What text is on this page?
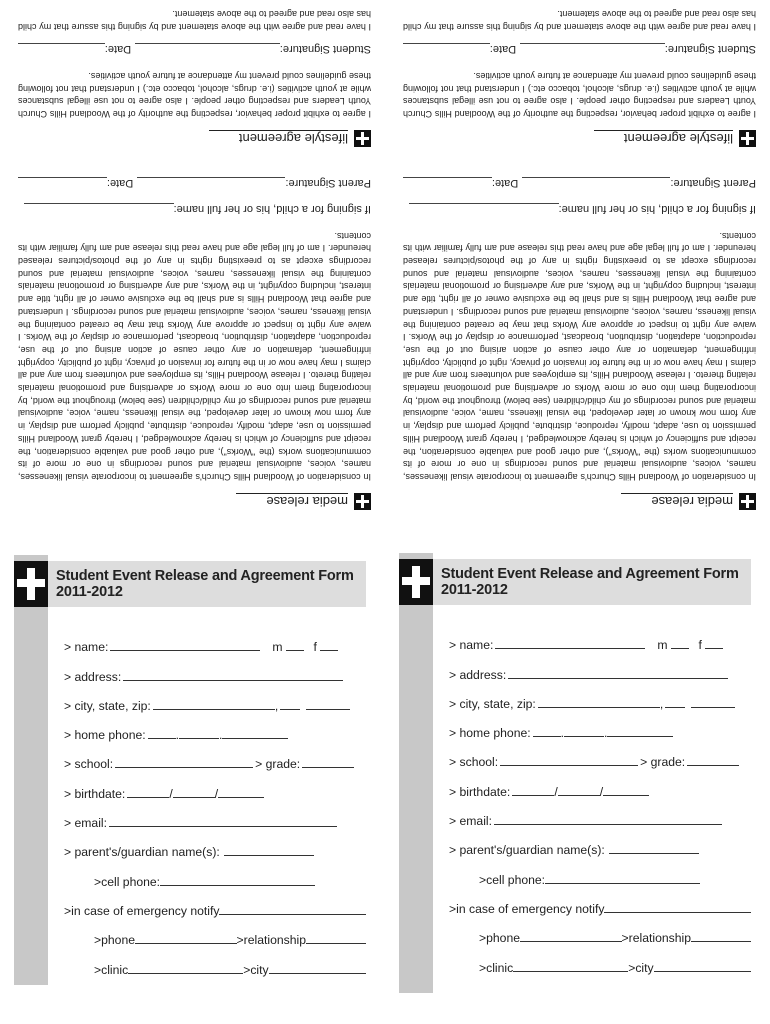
media release
In consideration of Woodland Hills Church's agreement to incorporate visual likenesses, names, voices, audiovisual material and sound recordings in one or more of its communications works (the "Works"), and other good and valuable consideration, the receipt and sufficiency of which is hereby acknowledged, I hereby grant Woodland Hills permission to use, adapt, modify, reproduce, distribute, publicly perform and display, in any form now known or later developed, the visual likeness, name, voice, audiovisual material and sound recordings of my child/children (see below) throughout the world, by incorporating them into one or more Works or advertising and promotional materials relating thereto. I release Woodland Hills, its employees and volunteers from any and all claims I may have now or in the future for invasion of privacy, right of publicity, copyright infringement, defamation or any other cause of action arising out of the use, reproduction, adaptation, distribution, broadcast, performance or display of the Works. I waive any right to inspect or approve any Works that may be created containing the visual likeness, names, voices, audiovisual material and sound recordings. I understand and agree that Woodland Hills is and shall be the exclusive owner of all right, title and interest, including copyright, in the Works, and any advertising or promotional materials containing the visual likenesses, names, voices, audiovisual material and sound recordings except as to preexisting rights in any of the photos/pictures released hereunder. I am of full legal age and have read this release and am fully familiar with its contents.
If signing for a child, his or her full name:
Parent Signature:
Date:
lifestyle agreement
I agree to exhibit proper behavior, respecting the authority of the Woodland Hills Church Youth Leaders and respecting other people. I also agree to not use illegal substances while at youth activities (i.e. drugs, alcohol, tobacco etc.) I understand that not following these guidelines could prevent my attendance at future youth activities.
Student Signature:
Date:
I have read and agree with the above statement and by signing this assure that my child has also read and agreed to the above statement.
Student Event Release and Agreement Form 2011-2012
> name:	m	f
> address:
> city, state, zip:	,
> home phone: .	.
> school:	> grade:
> birthdate:	/	/
> email:
> parent's/guardian name(s):
>cell phone:
>in case of emergency notify
>phone	>relationship
>clinic	>city
media release
In consideration of Woodland Hills Church's agreement to incorporate visual likenesses, names, voices, audiovisual material and sound recordings in one or more of its communications works (the "Works"), and other good and valuable consideration, the receipt and sufficiency of which is hereby acknowledged, I hereby grant Woodland Hills permission to use, adapt, modify, reproduce, distribute, publicly perform and display, in any form now known or later developed, the visual likeness, name, voice, audiovisual material and sound recordings of my child/children (see below) throughout the world, by incorporating them into one or more Works or advertising and promotional materials relating thereto. I release Woodland Hills, its employees and volunteers from any and all claims I may have now or in the future for invasion of privacy, right of publicity, copyright infringement, defamation or any other cause of action arising out of the use, reproduction, adaptation, distribution, broadcast, performance or display of the Works. I waive any right to inspect or approve any Works that may be created containing the visual likeness, names, voices, audiovisual material and sound recordings. I understand and agree that Woodland Hills is and shall be the exclusive owner of all right, title and interest, including copyright, in the Works, and any advertising or promotional materials containing the visual likenesses, names, voices, audiovisual material and sound recordings except as to preexisting rights in any of the photos/pictures released hereunder. I am of full legal age and have read this release and am fully familiar with its contents.
If signing for a child, his or her full name:
Parent Signature:
Date:
lifestyle agreement
I agree to exhibit proper behavior, respecting the authority of the Woodland Hills Church Youth Leaders and respecting other people. I also agree to not use illegal substances while at youth activities (i.e. drugs, alcohol, tobacco etc.) I understand that not following these guidelines could prevent my attendance at future youth activities.
Student Signature:
Date:
I have read and agree with the above statement and by signing this assure that my child has also read and agreed to the above statement.
Student Event Release and Agreement Form 2011-2012
> name:	m	f
> address:
> city, state, zip:	,
> home phone: .	.
> school:	> grade:
> birthdate:	/	/
> email:
> parent's/guardian name(s):
>cell phone:
>in case of emergency notify
>phone	>relationship
>clinic	>city
